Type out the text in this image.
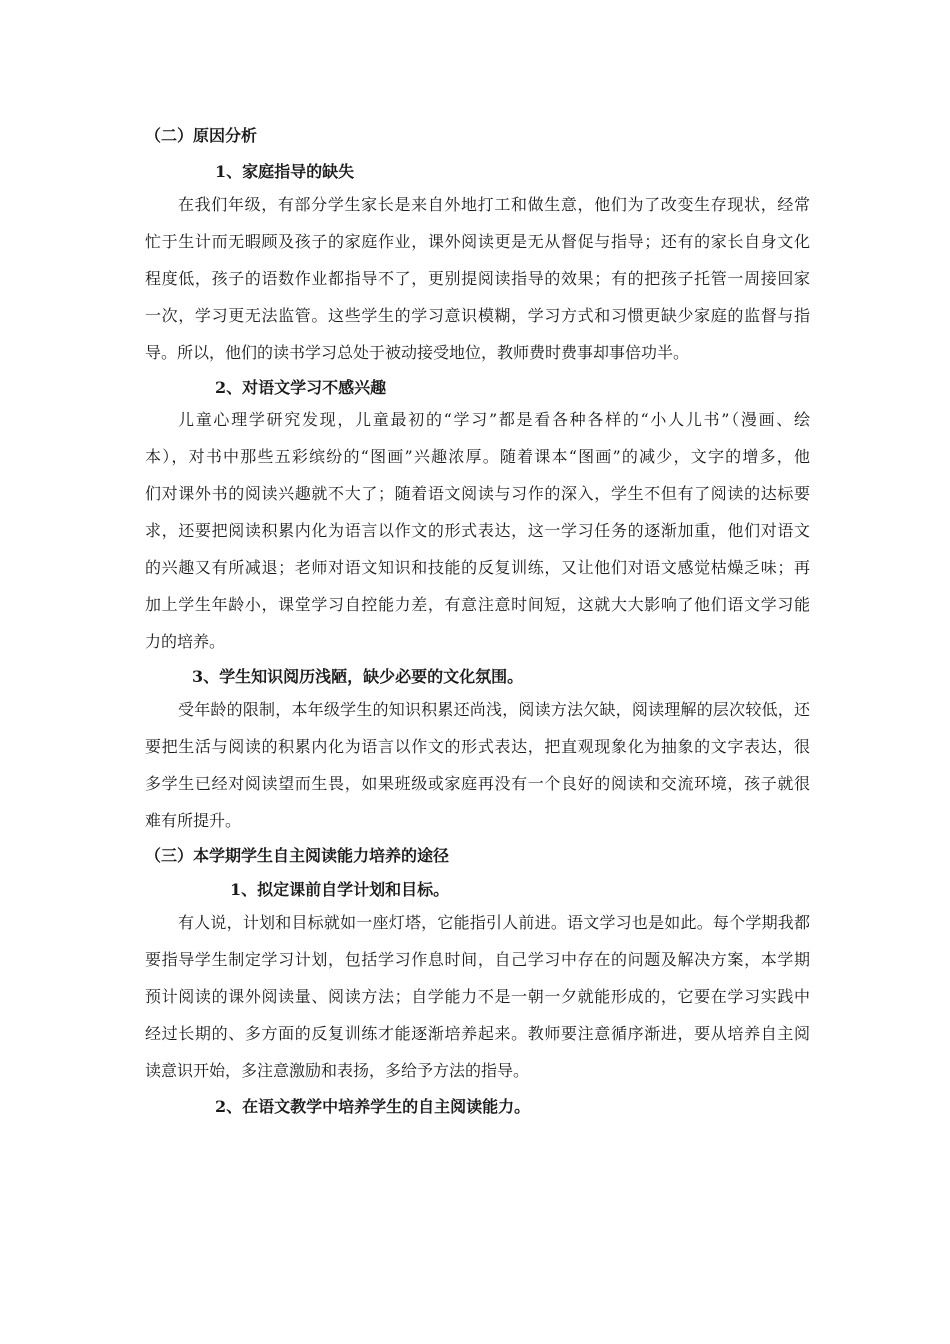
（二）原因分析
1、家庭指导的缺失
在我们年级，有部分学生家长是来自外地打工和做生意，他们为了改变生存现状，经常
忙于生计而无暇顾及孩子的家庭作业，课外阅读更是无从督促与指导；还有的家长自身文化
程度低，孩子的语数作业都指导不了，更别提阅读指导的效果；有的把孩子托管一周接回家
一次，学习更无法监管。这些学生的学习意识模糊，学习方式和习惯更缺少家庭的监督与指
导。所以，他们的读书学习总处于被动接受地位，教师费时费事却事倍功半。
2、对语文学习不感兴趣
儿童心理学研究发现，儿童最初的“学习”都是看各种各样的“小人儿书”（漫画、绘
本），对书中那些五彩缤纷的“图画”兴趣浓厚。随着课本“图画”的减少，文字的增多，他
们对课外书的阅读兴趣就不大了；随着语文阅读与习作的深入，学生不但有了阅读的达标要
求，还要把阅读积累内化为语言以作文的形式表达，这一学习任务的逐渐加重，他们对语文
的兴趣又有所减退；老师对语文知识和技能的反复训练，又让他们对语文感觉枯燥乏味；再
加上学生年龄小，课堂学习自控能力差，有意注意时间短，这就大大影响了他们语文学习能
力的培养。
3、学生知识阅历浅陋，缺少必要的文化氛围。
受年龄的限制，本年级学生的知识积累还尚浅，阅读方法欠缺，阅读理解的层次较低，还
要把生活与阅读的积累内化为语言以作文的形式表达，把直观现象化为抽象的文字表达，很
多学生已经对阅读望而生畏，如果班级或家庭再没有一个良好的阅读和交流环境，孩子就很
难有所提升。
（三）本学期学生自主阅读能力培养的途径
1、拟定课前自学计划和目标。
有人说，计划和目标就如一座灯塔，它能指引人前进。语文学习也是如此。每个学期我都
要指导学生制定学习计划，包括学习作息时间，自己学习中存在的问题及解决方案，本学期
预计阅读的课外阅读量、阅读方法；自学能力不是一朝一夕就能形成的，它要在学习实践中
经过长期的、多方面的反复训练才能逐渐培养起来。教师要注意循序渐进，要从培养自主阅
读意识开始，多注意激励和表扬，多给予方法的指导。
2、在语文教学中培养学生的自主阅读能力。
